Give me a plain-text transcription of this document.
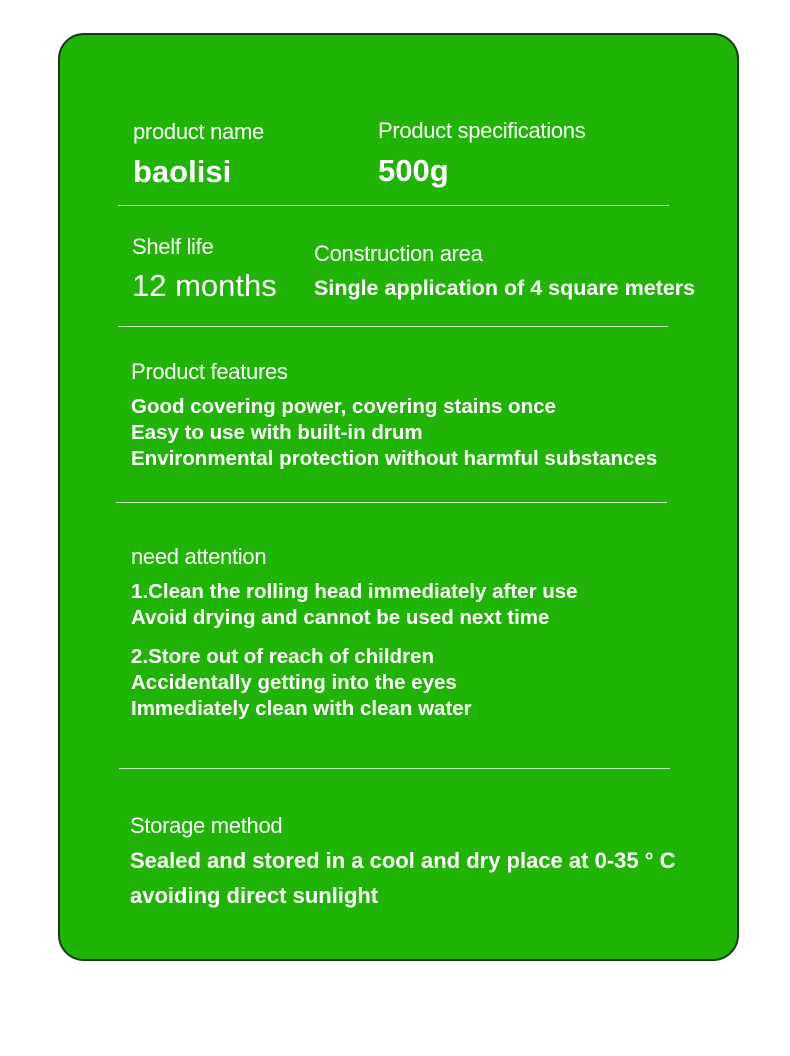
product name

baolisi

Product specifications

500g

Shelf life

12 months

Construction area

Single application of 4 square meters

Product features

Good covering power, covering stains once
Easy to use with built-in drum
Environmental protection without harmful substances

need attention

1.Clean the rolling head immediately after use
Avoid drying and cannot be used next time
2.Store out of reach of children
Accidentally getting into the eyes
Immediately clean with clean water

Storage method

Sealed and stored in a cool and dry place at 0-35 ° C
avoiding direct sunlight
